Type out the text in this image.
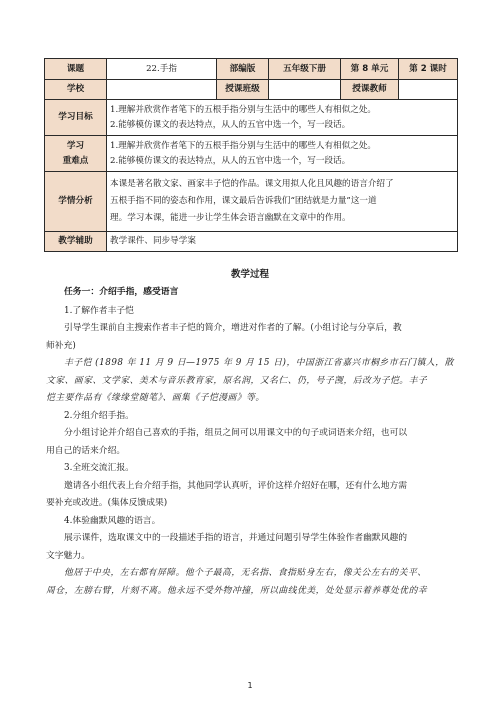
课题	22.手指	部编版	五年级下册	第 8 单元	第 2 课时
学校		授课班级		授课教师	
学习目标	1.理解并欣赏作者笔下的五根手指分别与生活中的哪些人有相似之处。
2.能够模仿课文的表达特点，从人的五官中选一个，写一段话。				

学习
重难点	1.理解并欣赏作者笔下的五根手指分别与生活中的哪些人有相似之处。
2.能够模仿课文的表达特点，从人的五官中选一个，写一段话。				

学情分析	本课是著名散文家、画家丰子恺的作品。课文用拟人化且风趣的语言介绍了
五根手指不同的姿态和作用，课文最后告诉我们“团结就是力量”这一道
理。学习本课，能进一步让学生体会语言幽默在文章中的作用。				

教学辅助	教学课件、同步导学案				
教学过程

任务一：介绍手指，感受语言

1.了解作者丰子恺

引导学生课前自主搜索作者丰子恺的简介，增进对作者的了解。(小组讨论与分享后，教

师补充)

丰子恺 (1898 年 11 月 9 日—1975 年 9 月 15 日)，中国浙江省嘉兴市桐乡市石门镇人，散

文家、画家、文学家、美术与音乐教育家，原名润，又名仁、仍，号子觊，后改为子恺。丰子

恺主要作品有《缘缘堂随笔》、画集《子恺漫画》等。

2.分组介绍手指。

分小组讨论并介绍自己喜欢的手指，组员之间可以用课文中的句子或词语来介绍，也可以

用自己的话来介绍。

3.全班交流汇报。

邀请各小组代表上台介绍手指，其他同学认真听，评价这样介绍好在哪，还有什么地方需

要补充或改进。(集体反馈成果)

4.体验幽默风趣的语言。

展示课件，选取课文中的一段描述手指的语言，并通过问题引导学生体验作者幽默风趣的

文字魅力。

他居于中央，左右都有屏障。他个子最高，无名指、食指贴身左右，像关公左右的关平、

周仓，左膀右臂，片刻不离。他永远不受外物冲撞，所以曲线优美，处处显示着养尊处优的幸

1
